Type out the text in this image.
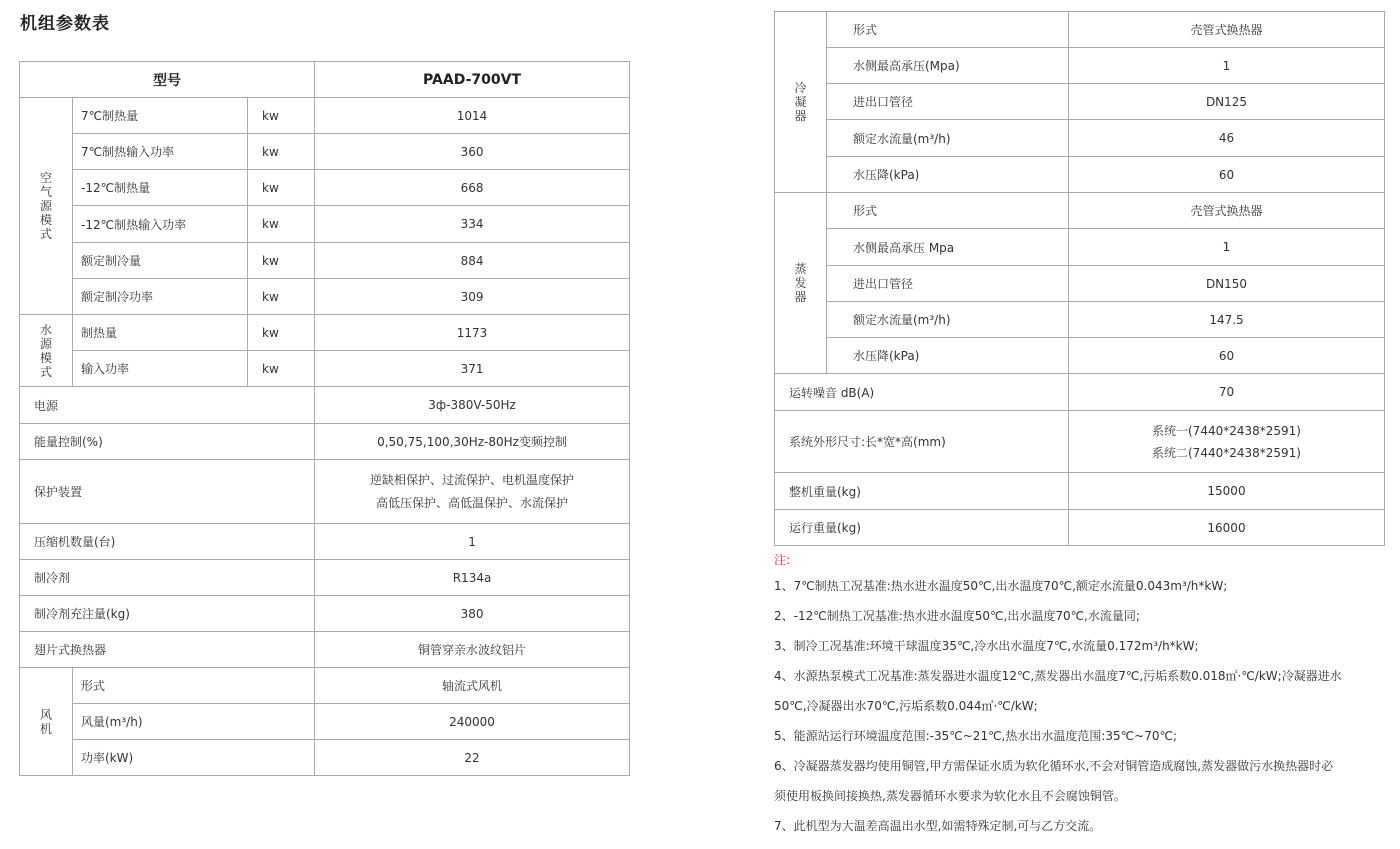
机组参数表
型号			PAAD-700VT

空
气
源
模
式	7℃制热量	kw	1014
	7℃制热输入功率	kw	360
	-12℃制热量	kw	668
	-12℃制热输入功率	kw	334
	额定制冷量	kw	884
	额定制冷功率	kw	309

水
源
模
式	制热量	kw	1173
	输入功率	kw	371
电源			3ф-380V-50Hz
能量控制(%)			0,50,75,100,30Hz-80Hz变频控制
保护装置			逆缺相保护、过流保护、电机温度保护
高低压保护、高低温保护、水流保护

压缩机数量(台)			1
制冷剂			R134a
制冷剂充注量(kg)			380
翅片式换热器			铜管穿亲水波纹铝片

风
机	形式		轴流式风机
	风量(m³/h)		240000
	功率(kW)		22
冷
凝
器	形式	壳管式换热器
	水侧最高承压(Mpa)	1
	进出口管径	DN125
	额定水流量(m³/h)	46
	水压降(kPa)	60

蒸
发
器	形式	壳管式换热器
	水侧最高承压 Mpa	1
	进出口管径	DN150
	额定水流量(m³/h)	147.5
	水压降(kPa)	60
运转噪音 dB(A)		70
系统外形尺寸:长*宽*高(mm)		系统一(7440*2438*2591)
系统二(7440*2438*2591)

整机重量(kg)		15000
运行重量(kg)		16000
注:
1、7℃制热工况基准:热水进水温度50℃,出水温度70℃,额定水流量0.043m³/h*kW;
2、-12℃制热工况基准:热水进水温度50℃,出水温度70℃,水流量同;
3、制冷工况基准:环境干球温度35℃,冷水出水温度7℃,水流量0.172m³/h*kW;
4、水源热泵模式工况基准:蒸发器进水温度12℃,蒸发器出水温度7℃,污垢系数0.018㎡·℃/kW;冷凝器进水
50℃,冷凝器出水70℃,污垢系数0.044㎡·℃/kW;
5、能源站运行环境温度范围:-35℃~21℃,热水出水温度范围:35℃~70℃;
6、冷凝器蒸发器均使用铜管,甲方需保证水质为软化循环水,不会对铜管造成腐蚀,蒸发器做污水换热器时必
须使用板换间接换热,蒸发器循环水要求为软化水且不会腐蚀铜管。
7、此机型为大温差高温出水型,如需特殊定制,可与乙方交流。
